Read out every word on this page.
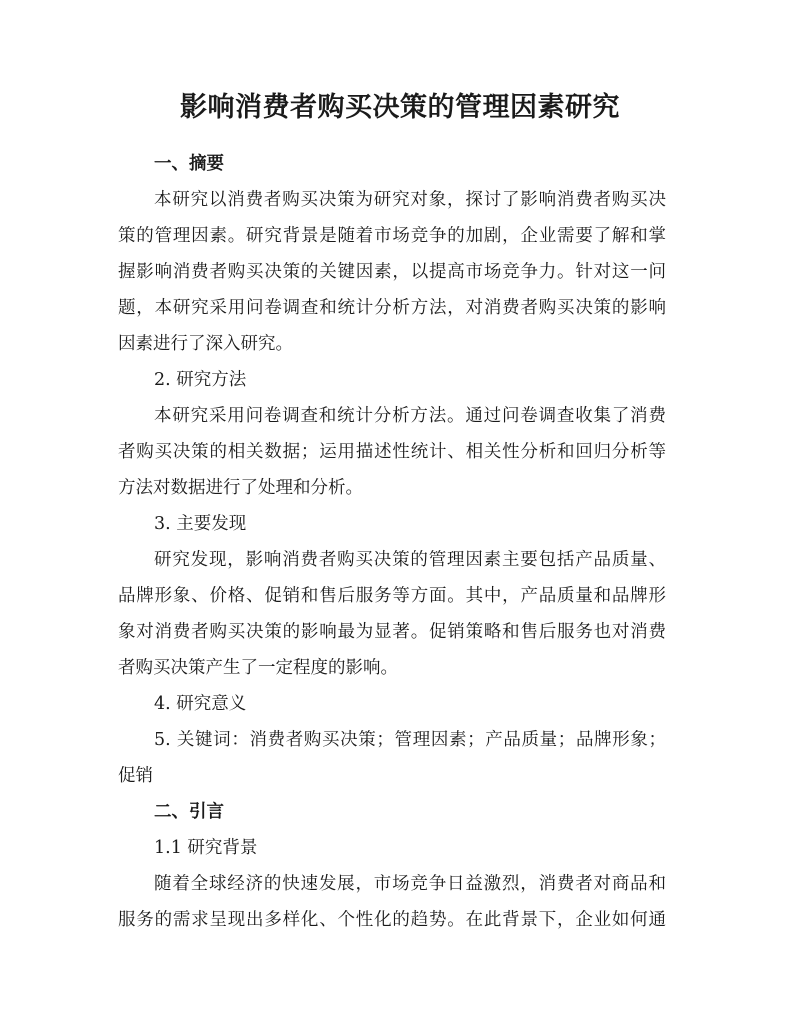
影响消费者购买决策的管理因素研究
一、摘要
本研究以消费者购买决策为研究对象，探讨了影响消费者购买决
策的管理因素。研究背景是随着市场竞争的加剧，企业需要了解和掌
握影响消费者购买决策的关键因素，以提高市场竞争力。针对这一问
题，本研究采用问卷调查和统计分析方法，对消费者购买决策的影响
因素进行了深入研究。
2. 研究方法
本研究采用问卷调查和统计分析方法。通过问卷调查收集了消费
者购买决策的相关数据；运用描述性统计、相关性分析和回归分析等
方法对数据进行了处理和分析。
3. 主要发现
研究发现，影响消费者购买决策的管理因素主要包括产品质量、
品牌形象、价格、促销和售后服务等方面。其中，产品质量和品牌形
象对消费者购买决策的影响最为显著。促销策略和售后服务也对消费
者购买决策产生了一定程度的影响。
4. 研究意义
5. 关键词：消费者购买决策；管理因素；产品质量；品牌形象；
促销
二、引言
1.1 研究背景
随着全球经济的快速发展，市场竞争日益激烈，消费者对商品和
服务的需求呈现出多样化、个性化的趋势。在此背景下，企业如何通
